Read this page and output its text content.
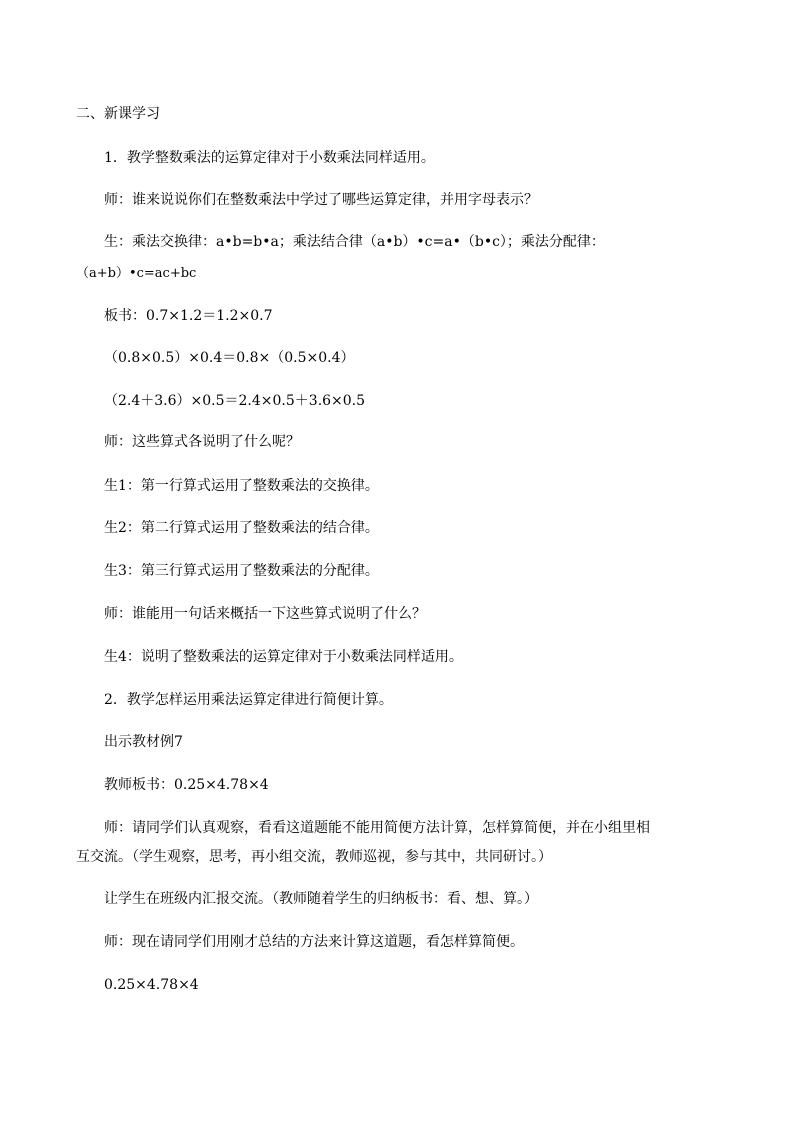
二、新课学习

1．教学整数乘法的运算定律对于小数乘法同样适用。

师：谁来说说你们在整数乘法中学过了哪些运算定律，并用字母表示？

生：乘法交换律：a•b=b•a；乘法结合律（a•b）•c=a•（b•c）；乘法分配律：

（a+b）•c=ac+bc

板书：0.7×1.2＝1.2×0.7

（0.8×0.5）×0.4＝0.8×（0.5×0.4）

（2.4＋3.6）×0.5＝2.4×0.5＋3.6×0.5

师：这些算式各说明了什么呢？

生1：第一行算式运用了整数乘法的交换律。

生2：第二行算式运用了整数乘法的结合律。

生3：第三行算式运用了整数乘法的分配律。

师：谁能用一句话来概括一下这些算式说明了什么？

生4：说明了整数乘法的运算定律对于小数乘法同样适用。

2．教学怎样运用乘法运算定律进行简便计算。

出示教材例7

教师板书：0.25×4.78×4

师：请同学们认真观察，看看这道题能不能用简便方法计算，怎样算简便，并在小组里相

互交流。（学生观察，思考，再小组交流，教师巡视，参与其中，共同研讨。）

让学生在班级内汇报交流。（教师随着学生的归纳板书：看、想、算。）

师：现在请同学们用刚才总结的方法来计算这道题，看怎样算简便。

0.25×4.78×4
